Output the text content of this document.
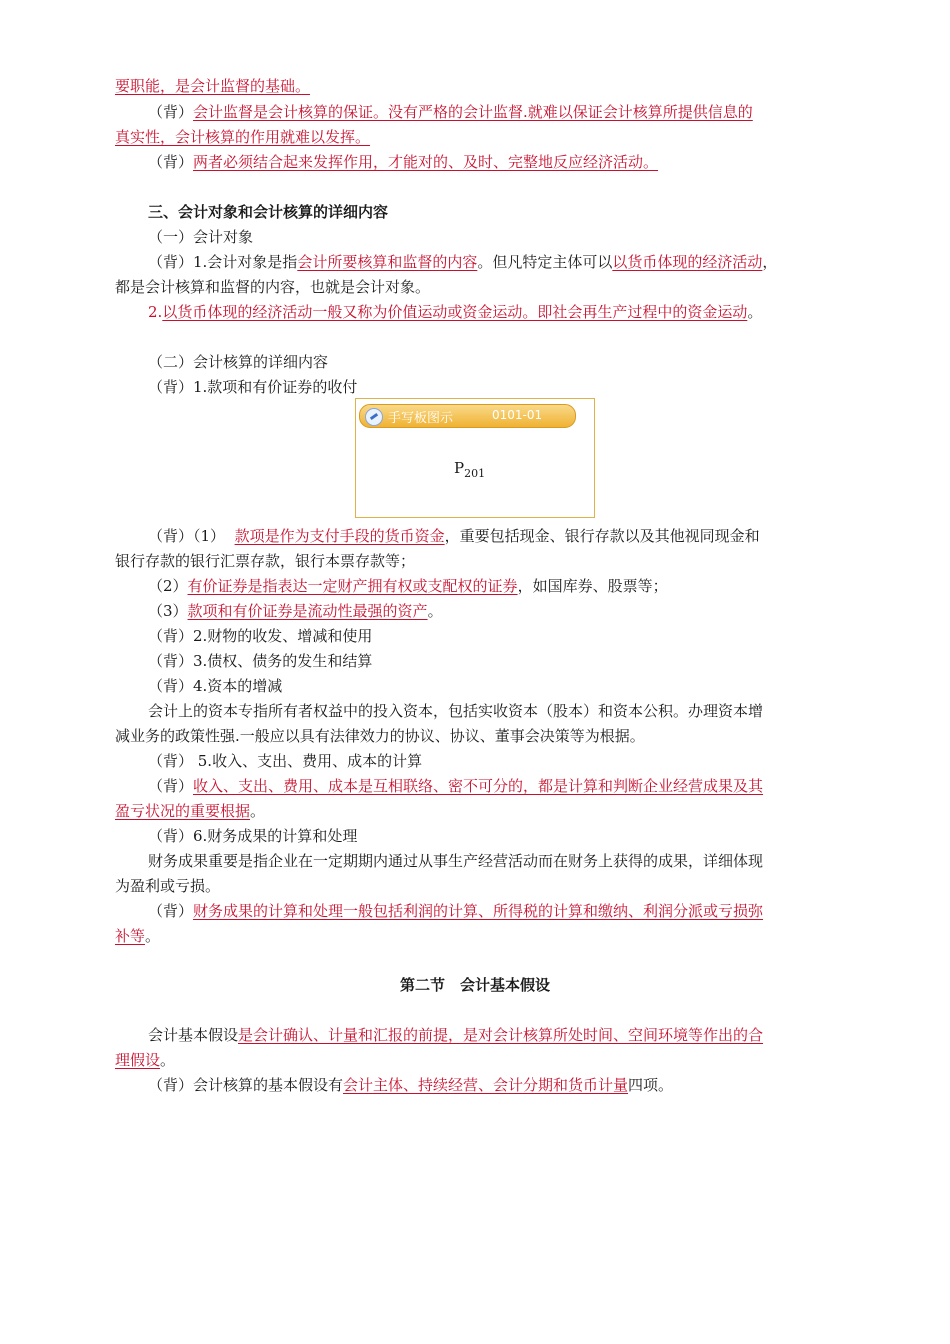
要职能，是会计监督的基础。
（背）会计监督是会计核算的保证。没有严格的会计监督.就难以保证会计核算所提供信息的
真实性，会计核算的作用就难以发挥。
（背）两者必须结合起来发挥作用，才能对的、及时、完整地反应经济活动。
三、会计对象和会计核算的详细内容
（一）会计对象
（背）1.会计对象是指会计所要核算和监督的内容。但凡特定主体可以以货币体现的经济活动，
都是会计核算和监督的内容，也就是会计对象。
2.以货币体现的经济活动一般又称为价值运动或资金运动。即社会再生产过程中的资金运动。
（二）会计核算的详细内容
（背）1.款项和有价证券的收付
手写板图示	0101-01
$P_{201}$
（背）（1）  款项是作为支付手段的货币资金，重要包括现金、银行存款以及其他视同现金和
银行存款的银行汇票存款，银行本票存款等；
（2）有价证券是指表达一定财产拥有权或支配权的证券，如国库券、股票等；
（3）款项和有价证券是流动性最强的资产。
（背）2.财物的收发、增减和使用
（背）3.债权、债务的发生和结算
（背）4.资本的增减
会计上的资本专指所有者权益中的投入资本，包括实收资本（股本）和资本公积。办理资本增
减业务的政策性强.一般应以具有法律效力的协议、协议、董事会决策等为根据。
（背） 5.收入、支出、费用、成本的计算
（背）收入、支出、费用、成本是互相联络、密不可分的，都是计算和判断企业经营成果及其
盈亏状况的重要根据。
（背）6.财务成果的计算和处理
财务成果重要是指企业在一定期期内通过从事生产经营活动而在财务上获得的成果，详细体现
为盈利或亏损。
（背）财务成果的计算和处理一般包括利润的计算、所得税的计算和缴纳、利润分派或亏损弥
补等。
第二节　会计基本假设
会计基本假设是会计确认、计量和汇报的前提，是对会计核算所处时间、空间环境等作出的合
理假设。
（背）会计核算的基本假设有会计主体、持续经营、会计分期和货币计量四项。
